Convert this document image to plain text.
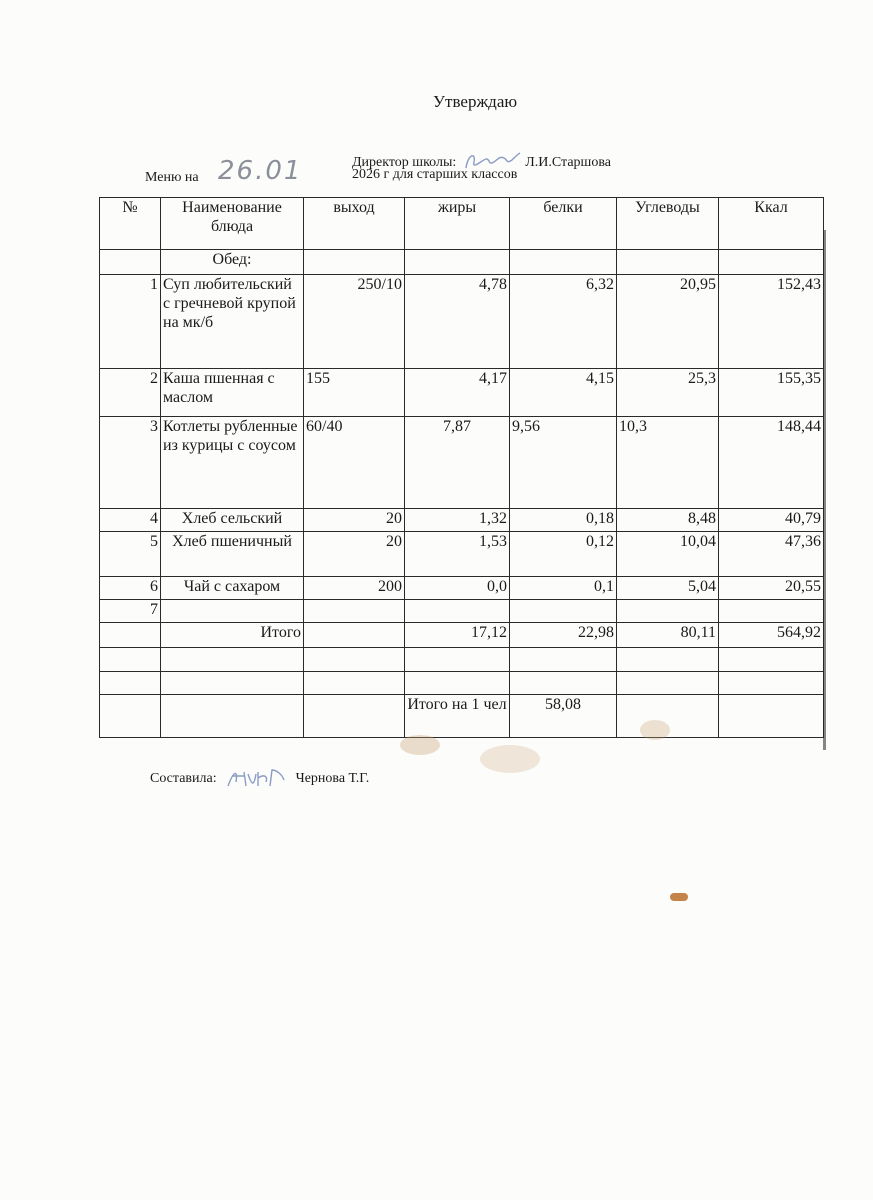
Утверждаю
Директор школы:	Л.И.Старшова
Меню на 26.01	2026 г для старших классов
№	Наименование блюда	выход	жиры	белки	Углеводы	Ккал
	Обед:					
1	Суп любительский с гречневой крупой на мк/б	250/10	4,78	6,32	20,95	152,43
2	Каша пшенная с маслом	155	4,17	4,15	25,3	155,35
3	Котлеты рубленные из курицы с соусом	60/40	7,87	9,56	10,3	148,44
4	Хлеб сельский	20	1,32	0,18	8,48	40,79
5	Хлеб пшеничный	20	1,53	0,12	10,04	47,36
6	Чай с сахаром	200	0,0	0,1	5,04	20,55
7						
	Итого		17,12	22,98	80,11	564,92

			Итого на 1 чел	58,08		
Составила:	Чернова Т.Г.
